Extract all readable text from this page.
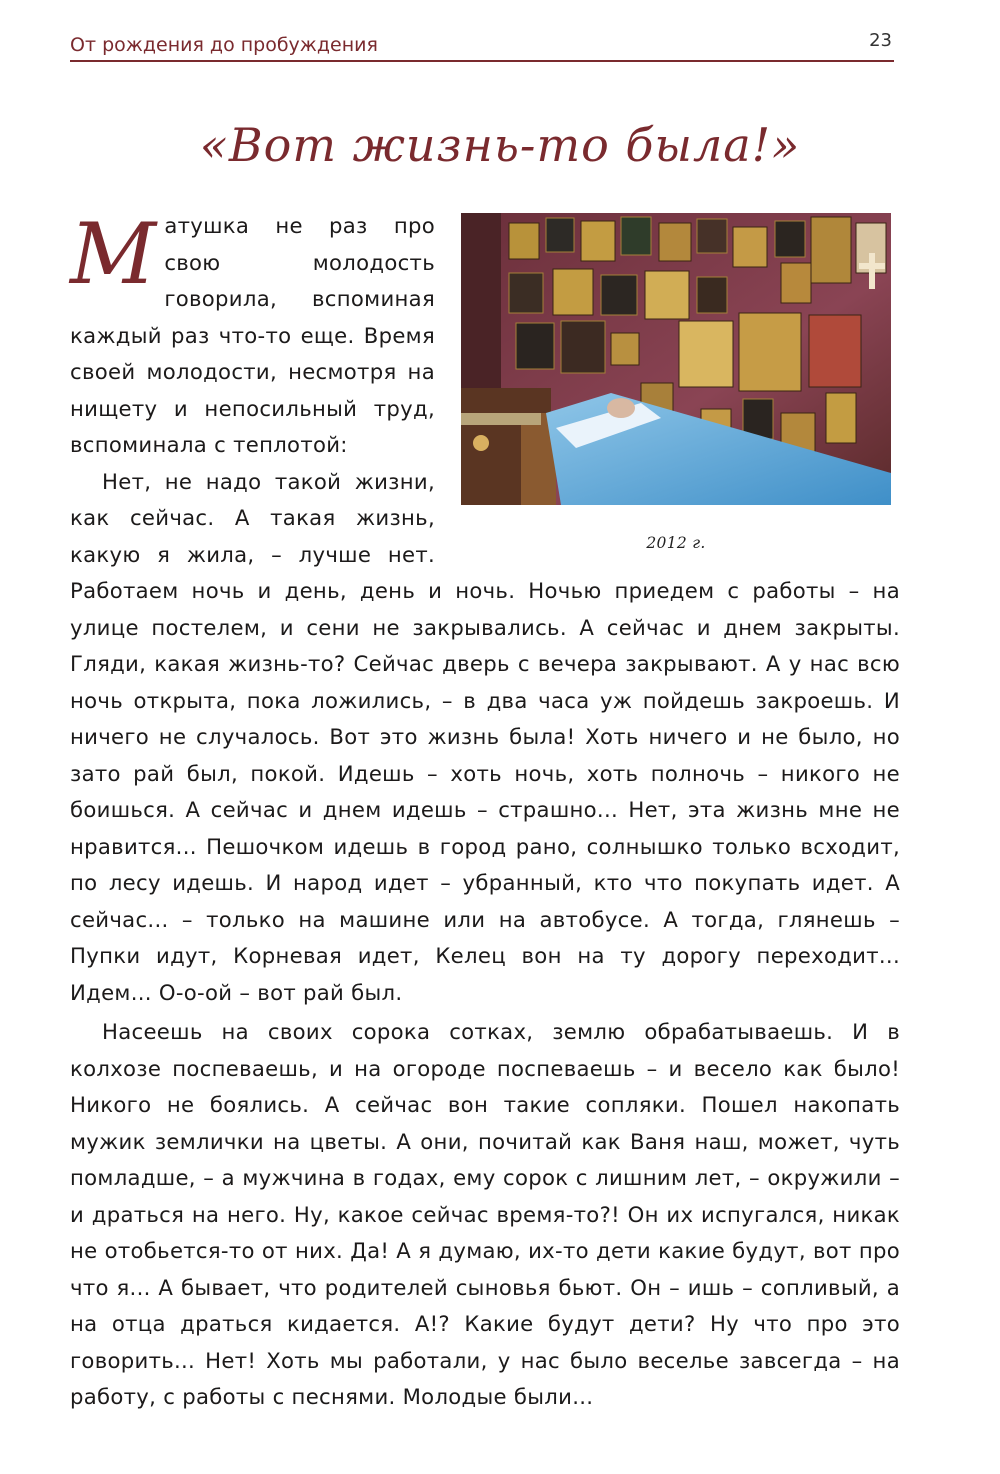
От рождения до пробуждения	23
«Вот жизнь-то была!»
2012 г.

Матушка не раз про свою молодость говорила, вспоминая каждый раз что-то еще. Время своей молодости, несмотря на нищету и непосильный труд, вспоминала с теплотой:

Нет, не надо такой жизни, как сейчас. А такая жизнь, какую я жила, – лучше нет. Работаем ночь и день, день и ночь. Ночью приедем с работы – на улице постелем, и сени не закрывались. А сейчас и днем закрыты. Гляди, какая жизнь-то? Сейчас дверь с вечера закрывают. А у нас всю ночь открыта, пока ложились, – в два часа уж пойдешь закроешь. И ничего не случалось. Вот это жизнь была! Хоть ничего и не было, но зато рай был, покой. Идешь – хоть ночь, хоть полночь – никого не боишься. А сейчас и днем идешь – страшно... Нет, эта жизнь мне не нравится... Пешочком идешь в город рано, солнышко только всходит, по лесу идешь. И народ идет – убранный, кто что покупать идет. А сейчас... – только на машине или на автобусе. А тогда, глянешь – Пупки идут, Корневая идет, Келец вон на ту дорогу переходит... Идем... О-о-ой – вот рай был.

Насеешь на своих сорока сотках, землю обрабатываешь. И в колхозе поспеваешь, и на огороде поспеваешь – и весело как было! Никого не боялись. А сейчас вон такие сопляки. Пошел накопать мужик землички на цветы. А они, почитай как Ваня наш, может, чуть помладше, – а мужчина в годах, ему сорок с лишним лет, – окружили – и драться на него. Ну, какое сейчас время-то?! Он их испугался, никак не отобьется-то от них. Да! А я думаю, их-то дети какие будут, вот про что я... А бывает, что родителей сыновья бьют. Он – ишь – сопливый, а на отца драться кидается. А!? Какие будут дети? Ну что про это говорить... Нет! Хоть мы работали, у нас было веселье завсегда – на работу, с работы с песнями. Молодые были...
